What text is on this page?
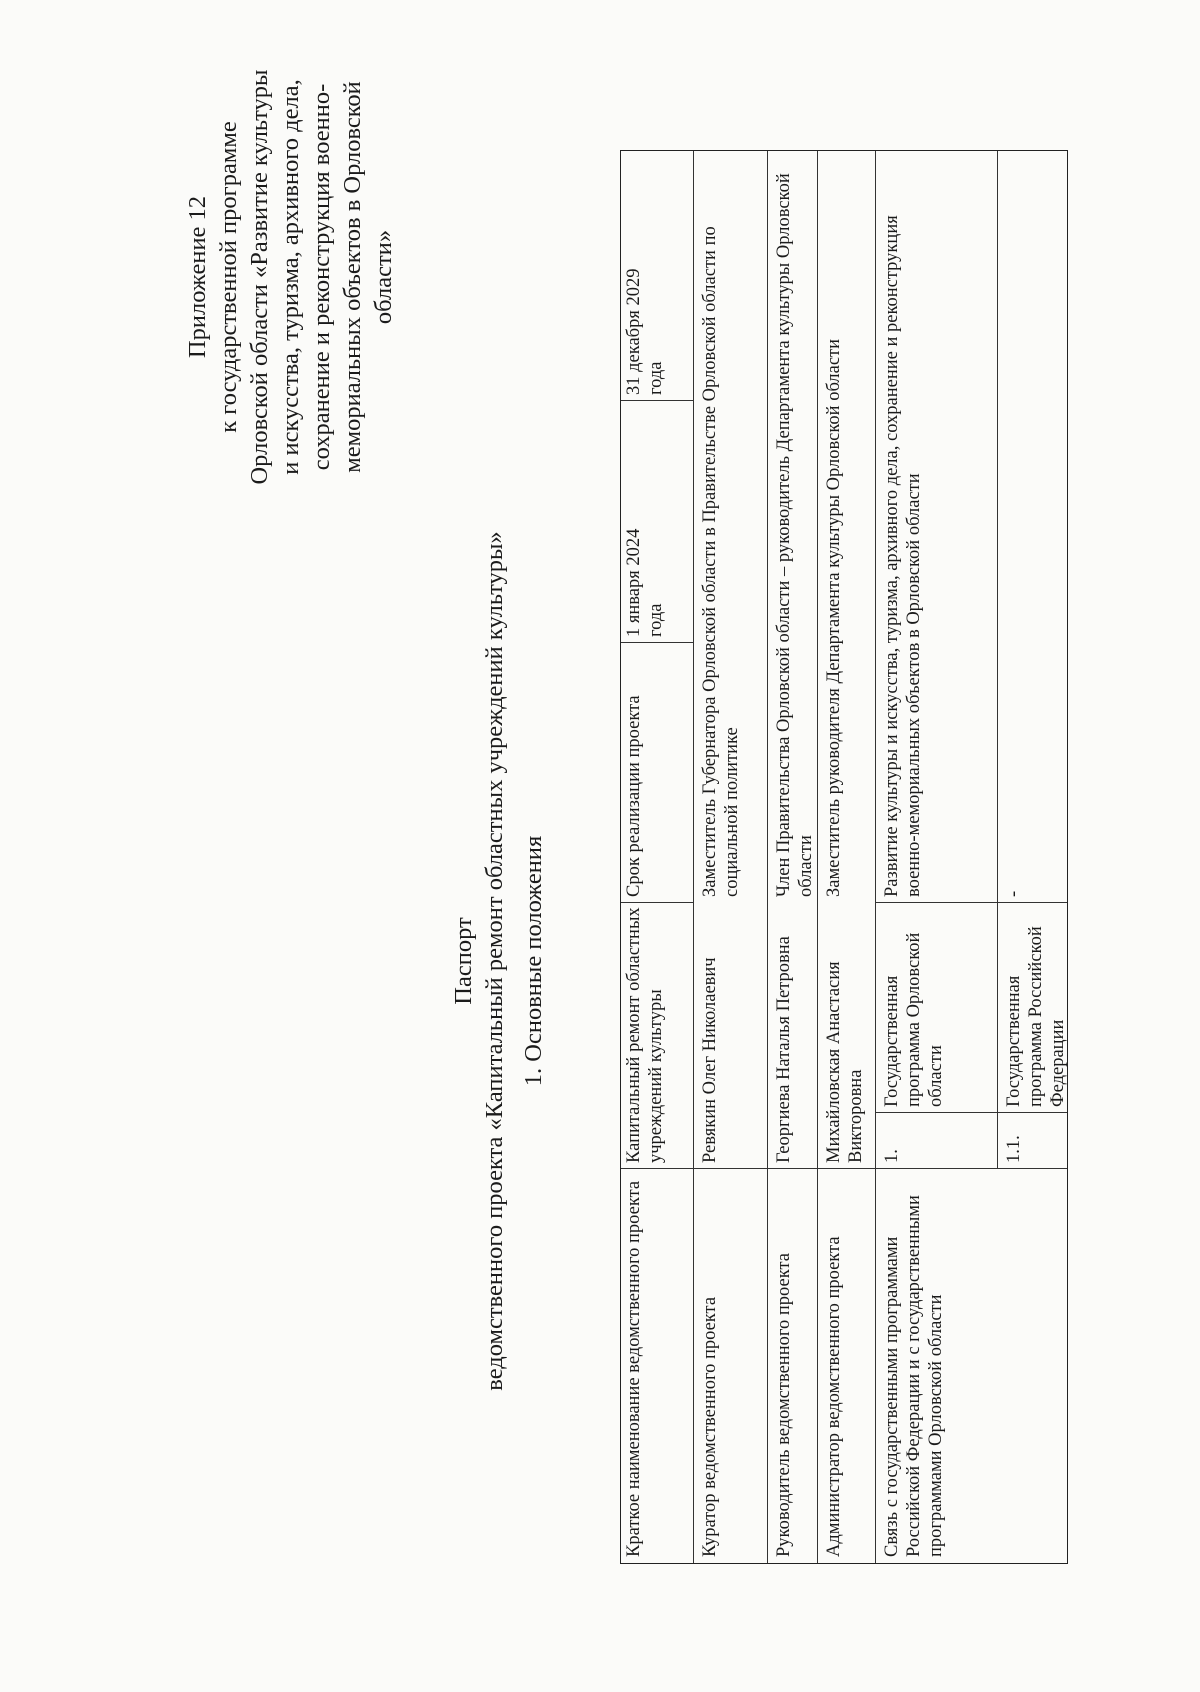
Приложение 12 к государственной программе Орловской области «Развитие культуры и искусства, туризма, архивного дела, сохранение и реконструкция военно- мемориальных объектов в Орловской области»
Паспорт ведомственного проекта «Капитальный ремонт областных учреждений культуры» 1. Основные положения
Краткое наименование ведомственного проекта
Капитальный ремонт областных учреждений культуры
Срок реализации проекта
1 января 2024 года
31 декабря 2029 года
Куратор ведомственного проекта
Ревякин Олег Николаевич
Заместитель Губернатора Орловской области в Правительстве Орловской области по социальной политике
Руководитель ведомственного проекта
Георгиева Наталья Петровна
Член Правительства Орловской области – руководитель Департамента культуры Орловской области
Администратор ведомственного проекта
Михайловская Анастасия Викторовна
Заместитель руководителя Департамента культуры Орловской области
Связь с государственными программами Российской Федерации и с государственными программами Орловской области
1.
Государственная программа Орловской области
Развитие культуры и искусства, туризма, архивного дела, сохранение и реконструкция военно-мемориальных объектов в Орловской области
1.1.
Государственная программа Российской Федерации
-
